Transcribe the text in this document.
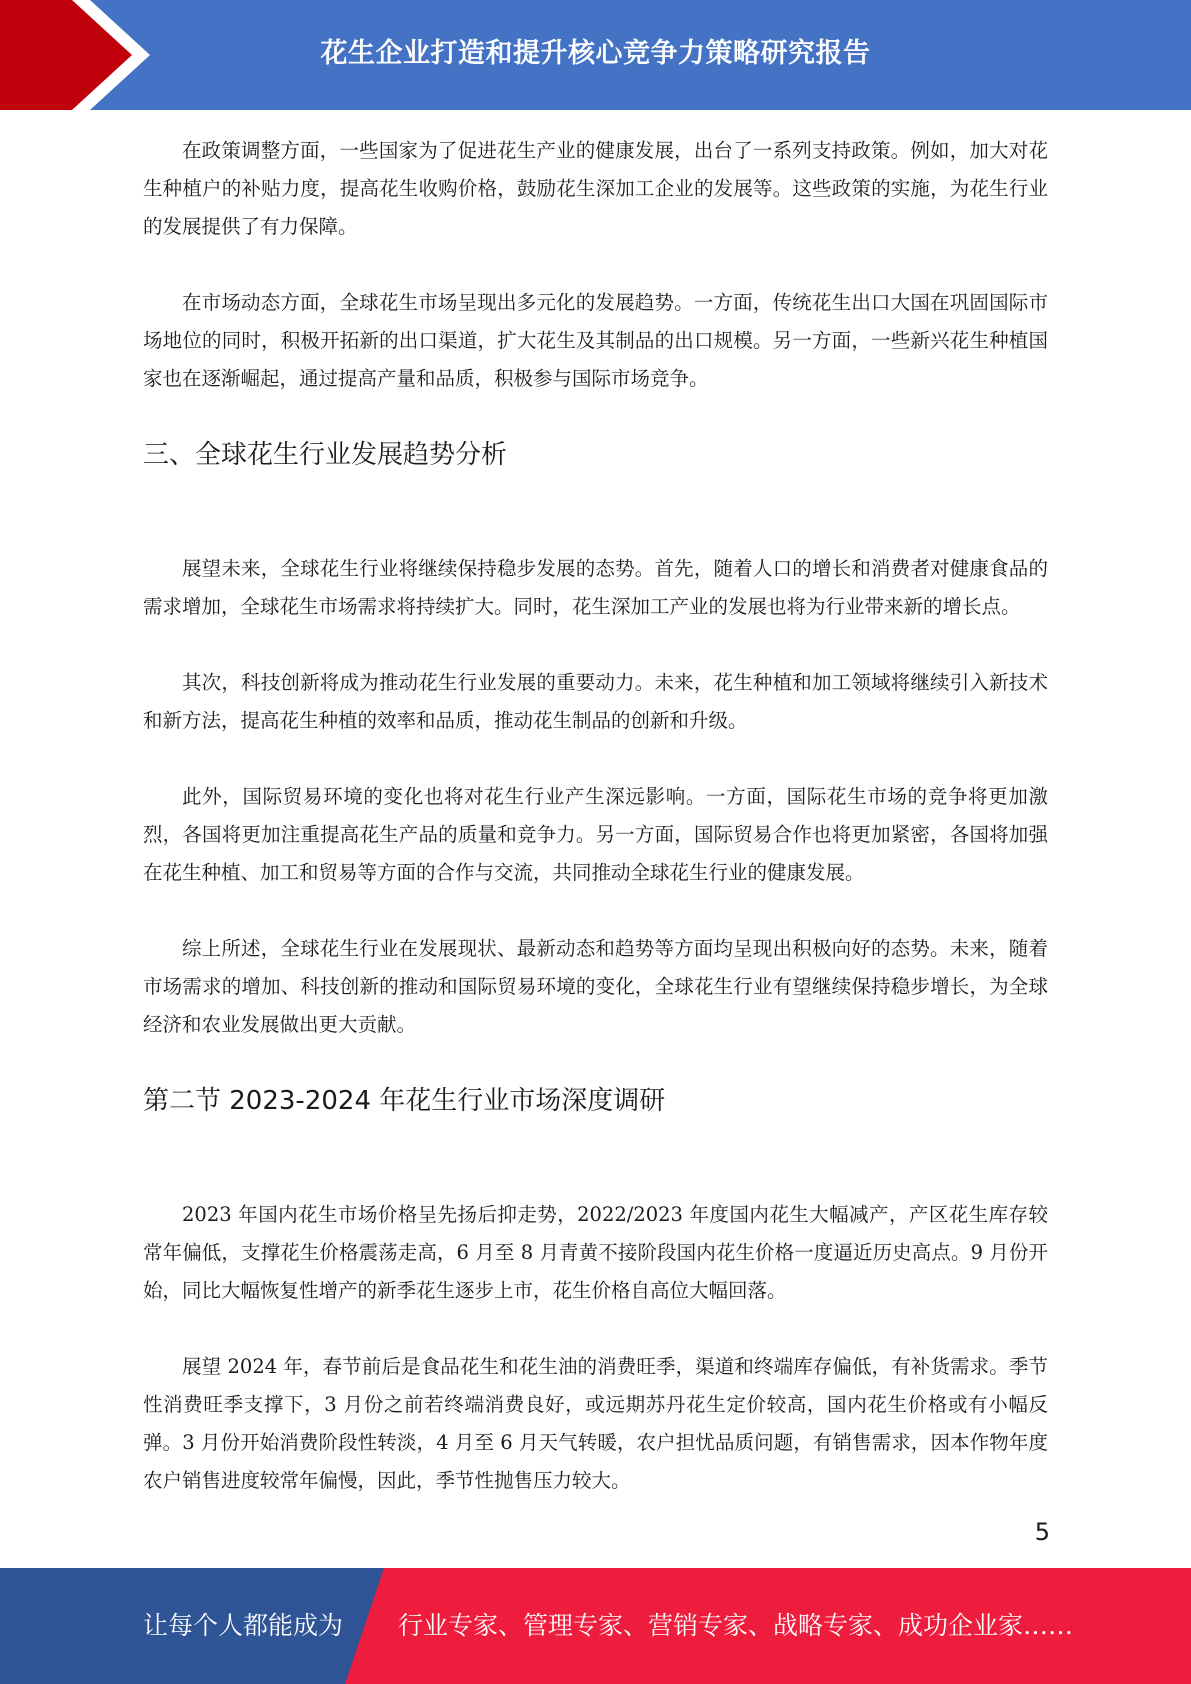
花生企业打造和提升核心竞争力策略研究报告

在政策调整方面，一些国家为了促进花生产业的健康发展，出台了一系列支持政策。例如，加大对花生种植户的补贴力度，提高花生收购价格，鼓励花生深加工企业的发展等。这些政策的实施，为花生行业的发展提供了有力保障。

在市场动态方面，全球花生市场呈现出多元化的发展趋势。一方面，传统花生出口大国在巩固国际市场地位的同时，积极开拓新的出口渠道，扩大花生及其制品的出口规模。另一方面，一些新兴花生种植国家也在逐渐崛起，通过提高产量和品质，积极参与国际市场竞争。

三、全球花生行业发展趋势分析

展望未来，全球花生行业将继续保持稳步发展的态势。首先，随着人口的增长和消费者对健康食品的需求增加，全球花生市场需求将持续扩大。同时，花生深加工产业的发展也将为行业带来新的增长点。

其次，科技创新将成为推动花生行业发展的重要动力。未来，花生种植和加工领域将继续引入新技术和新方法，提高花生种植的效率和品质，推动花生制品的创新和升级。

此外，国际贸易环境的变化也将对花生行业产生深远影响。一方面，国际花生市场的竞争将更加激烈，各国将更加注重提高花生产品的质量和竞争力。另一方面，国际贸易合作也将更加紧密，各国将加强在花生种植、加工和贸易等方面的合作与交流，共同推动全球花生行业的健康发展。

综上所述，全球花生行业在发展现状、最新动态和趋势等方面均呈现出积极向好的态势。未来，随着市场需求的增加、科技创新的推动和国际贸易环境的变化，全球花生行业有望继续保持稳步增长，为全球经济和农业发展做出更大贡献。

第二节 2023-2024 年花生行业市场深度调研

2023 年国内花生市场价格呈先扬后抑走势，2022/2023 年度国内花生大幅减产，产区花生库存较常年偏低，支撑花生价格震荡走高，6 月至 8 月青黄不接阶段国内花生价格一度逼近历史高点。9 月份开始，同比大幅恢复性增产的新季花生逐步上市，花生价格自高位大幅回落。

展望 2024 年，春节前后是食品花生和花生油的消费旺季，渠道和终端库存偏低，有补货需求。季节性消费旺季支撑下，3 月份之前若终端消费良好，或远期苏丹花生定价较高，国内花生价格或有小幅反弹。3 月份开始消费阶段性转淡，4 月至 6 月天气转暖，农户担忧品质问题，有销售需求，因本作物年度农户销售进度较常年偏慢，因此，季节性抛售压力较大。

5
让每个人都能成为 行业专家、管理专家、营销专家、战略专家、成功企业家……
